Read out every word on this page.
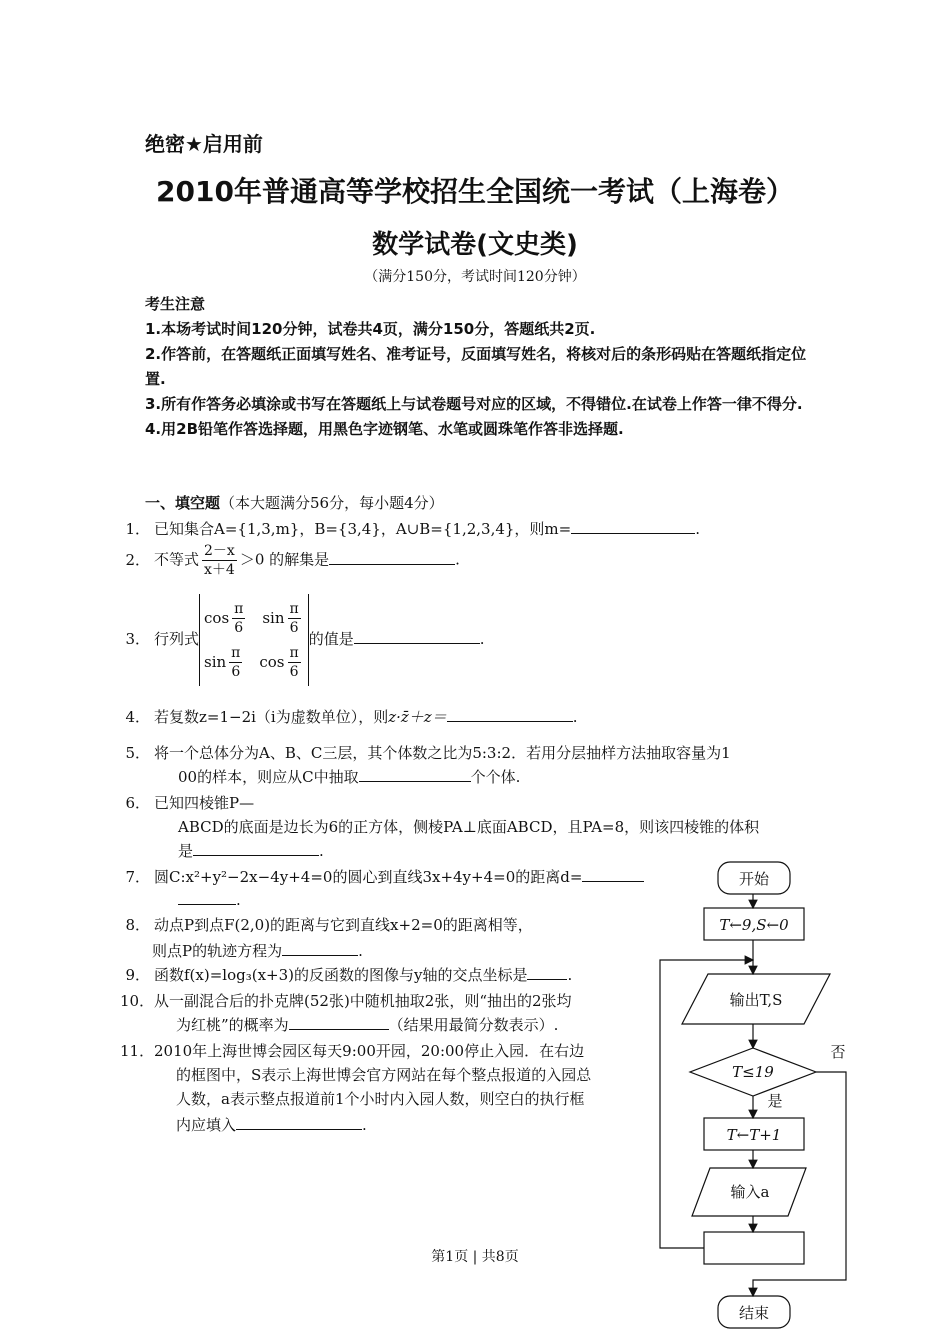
绝密★启用前
2010年普通高等学校招生全国统一考试（上海卷）
数学试卷(文史类)
（满分150分，考试时间120分钟）
考生注意
1.本场考试时间120分钟，试卷共4页，满分150分，答题纸共2页.
2.作答前，在答题纸正面填写姓名、准考证号，反面填写姓名，将核对后的条形码贴在答题纸指定位置.
3.所有作答务必填涂或书写在答题纸上与试卷题号对应的区域，不得错位.在试卷上作答一律不得分.
4.用2B铅笔作答选择题，用黑色字迹钢笔、水笔或圆珠笔作答非选择题.
一、填空题（本大题满分56分，每小题4分）
1． 已知集合A={1,3,m}，B={3,4}，A∪B={1,2,3,4}，则m=	.
2． 不等式 $\frac{2-x}{x+4} >0$ 的解集是	.
3． 行列式
$\cos \frac{\pi}{6}$ $\sin \frac{\pi}{6}$
$\sin \frac{\pi}{6}$ $\cos \frac{\pi}{6}$
的值是	.
4． 若复数z=1−2i（i为虚数单位），则z·z̄＋z＝	.
5． 将一个总体分为A、B、C三层，其个体数之比为5:3:2．若用分层抽样方法抽取容量为1
00的样本，则应从C中抽取	个个体.
6． 已知四棱锥P—
ABCD的底面是边长为6的正方体，侧棱PA⊥底面ABCD，且PA=8，则该四棱锥的体积
是	.
7． 圆C:x²+y²−2x−4y+4=0的圆心到直线3x+4y+4=0的距离d=
.
8． 动点P到点F(2,0)的距离与它到直线x+2=0的距离相等，
则点P的轨迹方程为	.
9． 函数f(x)=log₃(x+3)的反函数的图像与y轴的交点坐标是	.
10．从一副混合后的扑克牌(52张)中随机抽取2张，则“抽出的2张均
为红桃”的概率为	（结果用最简分数表示）.
11．2010年上海世博会园区每天9:00开园，20:00停止入园．在右边
的框图中，S表示上海世博会官方网站在每个整点报道的入园总
人数，a表示整点报道前1个小时内入园人数，则空白的执行框
内应填入	.
开始
T←9,S←0
输出T,S
T≤19
否
是
T←T+1
输入a
结束
第1页 | 共8页
